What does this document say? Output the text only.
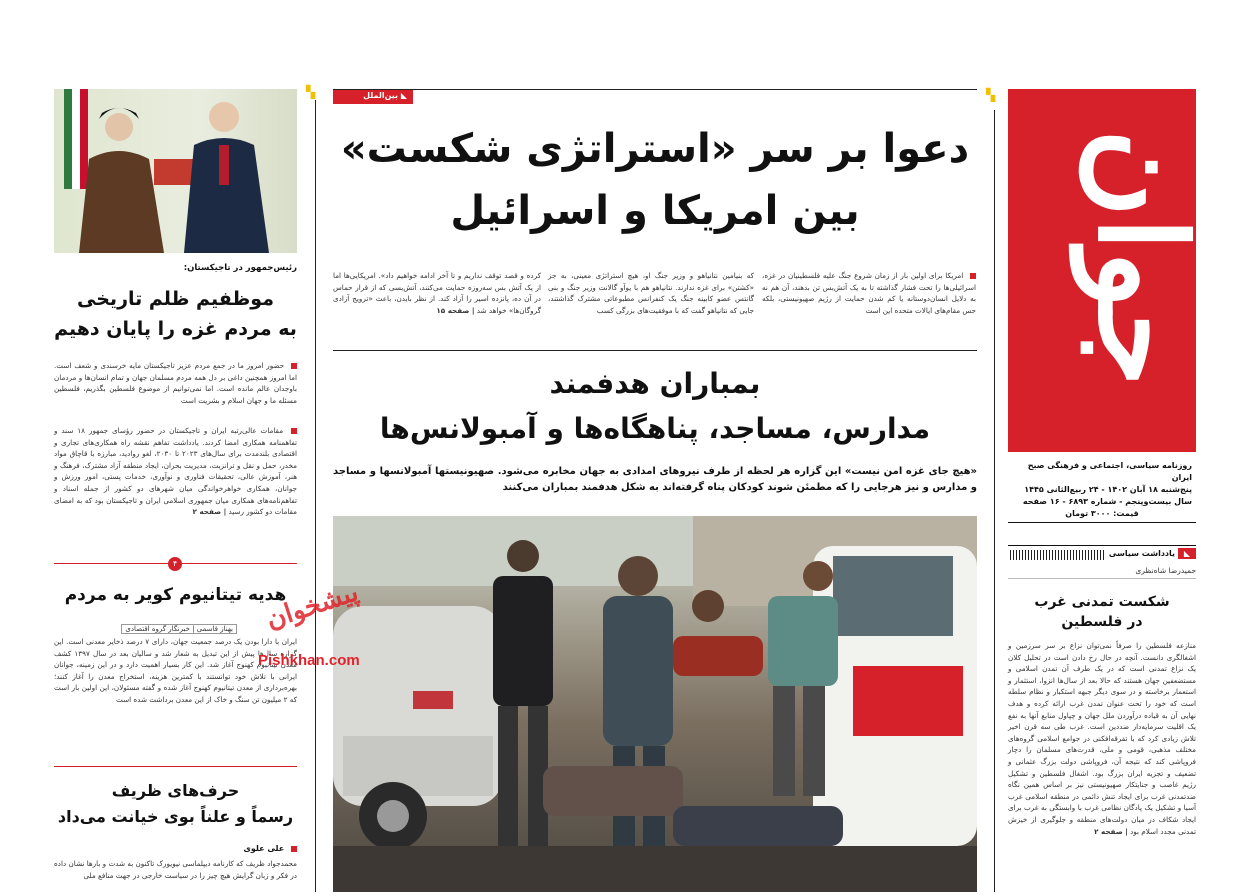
جوان
روزنامه سیاسی، اجتماعی و فرهنگی صبح ایران
پنج‌شنبه ۱۸ آبان ۱۴۰۲ - ۲۴ ربیع‌الثانی ۱۴۴۵
سال بیست‌وپنجم - شماره ۶۸۹۳ - ۱۶ صفحه
قیمت: ۳۰۰۰ تومان
▚
◣ یادداشت سیاسی
حمیدرضا شاه‌نظری
شکست تمدنی غرب
در فلسطین
منازعه فلسطین را صرفاً نمی‌توان نزاع بر سر سرزمین و اشغالگری دانست. آنچه در حال رخ دادن است در تحلیل کلان یک نزاع تمدنی است که در یک طرف آن تمدن اسلامی و مستضعفین جهان هستند که حالا بعد از سال‌ها انزوا، استثمار و استعمار برخاسته و در سوی دیگر جبهه استکبار و نظام سلطه است که خود را تحت عنوان تمدن غرب ارائه کرده و هدف نهایی آن به قیاده درآوردن ملل جهان و چپاول منابع آنها به نفع یک اقلیت سرمایه‌دار ضددین است. غرب طی سه قرن اخیر تلاش زیادی کرد که با تفرقه‌افکنی در جوامع اسلامی گروه‌های مختلف مذهبی، قومی و ملی، قدرت‌های مسلمان را دچار فروپاشی کند که نتیجه آن، فروپاشی دولت بزرگ عثمانی و تضعیف و تجزیه ایران بزرگ بود. اشغال فلسطین و تشکیل رژیم غاصب و جنایتکار صهیونیستی نیز بر اساس همین نگاه ضدتمدنی غرب برای ایجاد تنش دائمی در منطقه اسلامی غرب آسیا و تشکیل یک پادگان نظامی غرب با وابستگی به غرب برای ایجاد شکاف در میان دولت‌های منطقه و جلوگیری از خیزش تمدنی مجدد اسلام بود | صفحه ۲
▚	◣ بین‌الملل
دعوا بر سر «استراتژی شکست»
بین امریکا و اسرائیل
امریکا برای اولین بار از زمان شروع جنگ علیه فلسطینیان در غزه، اسرائیلی‌ها را تحت فشار گذاشته تا به یک آتش‌بس تن بدهند، آن هم نه به دلایل انسان‌دوستانه یا کم شدن حمایت از رژیم صهیونیستی، بلکه حس مقام‌های ایالات متحده این است
که بنیامین نتانیاهو و وزیر جنگ او، هیچ استراتژی معینی، به جز «کشتن» برای غزه ندارند. نتانیاهو هم با یوآو گالانت وزیر جنگ و بنی گانتس عضو کابینه جنگ یک کنفرانس مطبوعاتی مشترک گذاشتند، جایی که نتانیاهو گفت که با موفقیت‌های بزرگی کسب
کرده و قصد توقف نداریم و تا آخر ادامه خواهیم داد». امریکایی‌ها اما از یک آتش بس سه‌روزه حمایت می‌کنند، آتش‌بسی که از قرار حماس در آن ده، پانزده اسیر را آزاد کند. از نظر بایدن، باعث «ترویج آزادی گروگان‌ها» خواهد شد | صفحه ۱۵
بمباران هدفمند
مدارس، مساجد، پناهگاه‌ها و آمبولانس‌ها
«هیچ جای غزه امن نیست» این گزاره هر لحظه از طرف نیروهای امدادی به جهان مخابره می‌شود. صهیونیستها آمبولانسها و مساجد و مدارس و نیز هرجایی را که مطمئن شوند کودکان پناه گرفته‌اند به شکل هدفمند بمباران می‌کنند
رئیس‌جمهور در تاجیکستان:
موظفیم ظلم تاریخی
به مردم غزه را پایان دهیم
حضور امروز ما در جمع مردم عزیز تاجیکستان مایه خرسندی و شعف است. اما امروز همچنین داغی بر دل همه مردم مسلمان جهان و تمام انسان‌ها و مردمان باوجدان عالم مانده است. اما نمی‌توانیم از موضوع فلسطین بگذریم، فلسطین مسئله ما و جهان اسلام و بشریت است
مقامات عالی‌رتبه ایران و تاجیکستان در حضور رؤسای جمهور ۱۸ سند و تفاهمنامه همکاری امضا کردند. یادداشت تفاهم نقشه راه همکاری‌های تجاری و اقتصادی بلندمدت برای سال‌های ۲۰۲۳ تا ۲۰۳۰، لغو روادید، مبارزه با قاچاق مواد مخدر، حمل و نقل و ترانزیت، مدیریت بحران، ایجاد منطقه آزاد مشترک، فرهنگ و هنر، آموزش عالی، تحقیقات فناوری و نوآوری، خدمات پستی، امور ورزش و جوانان، همکاری خواهرخواندگی میان شهرهای دو کشور از جمله اسناد و تفاهم‌نامه‌های همکاری میان جمهوری اسلامی ایران و تاجیکستان بود که به امضای مقامات دو کشور رسید | صفحه ۲
۴
هدیه تیتانیوم کویر به مردم
بهناز قاسمی | خبرنگار گروه اقتصادی
ایران با دارا بودن یک درصد جمعیت جهان، دارای ۷ درصد ذخایر معدنی است. این گزاره سال‌ها پیش از این تبدیل به شعار شد و سالیان بعد در سال ۱۳۹۷ کشف معدن تیتانیوم کهنوج آغاز شد. این کار بسیار اهمیت دارد و در این زمینه، جوانان ایرانی با تلاش خود توانستند با کمترین هزینه، استخراج معدن را آغاز کنند؛ بهره‌برداری از معدن تیتانیوم کهنوج آغاز شده و گفته مسئولان، این اولین بار است که ۲ میلیون تن سنگ و خاک از این معدن برداشت شده است
حرف‌های ظریف
رسماً و علناً بوی خیانت می‌داد
علی علوی
محمدجواد ظریف که کارنامه دیپلماسی نیویورک تاکنون به شدت و بارها نشان داده در فکر و زبان گرایش هیچ چیز را در سیاست خارجی در جهت منافع ملی
پیشخوان
Pishkhan.com
